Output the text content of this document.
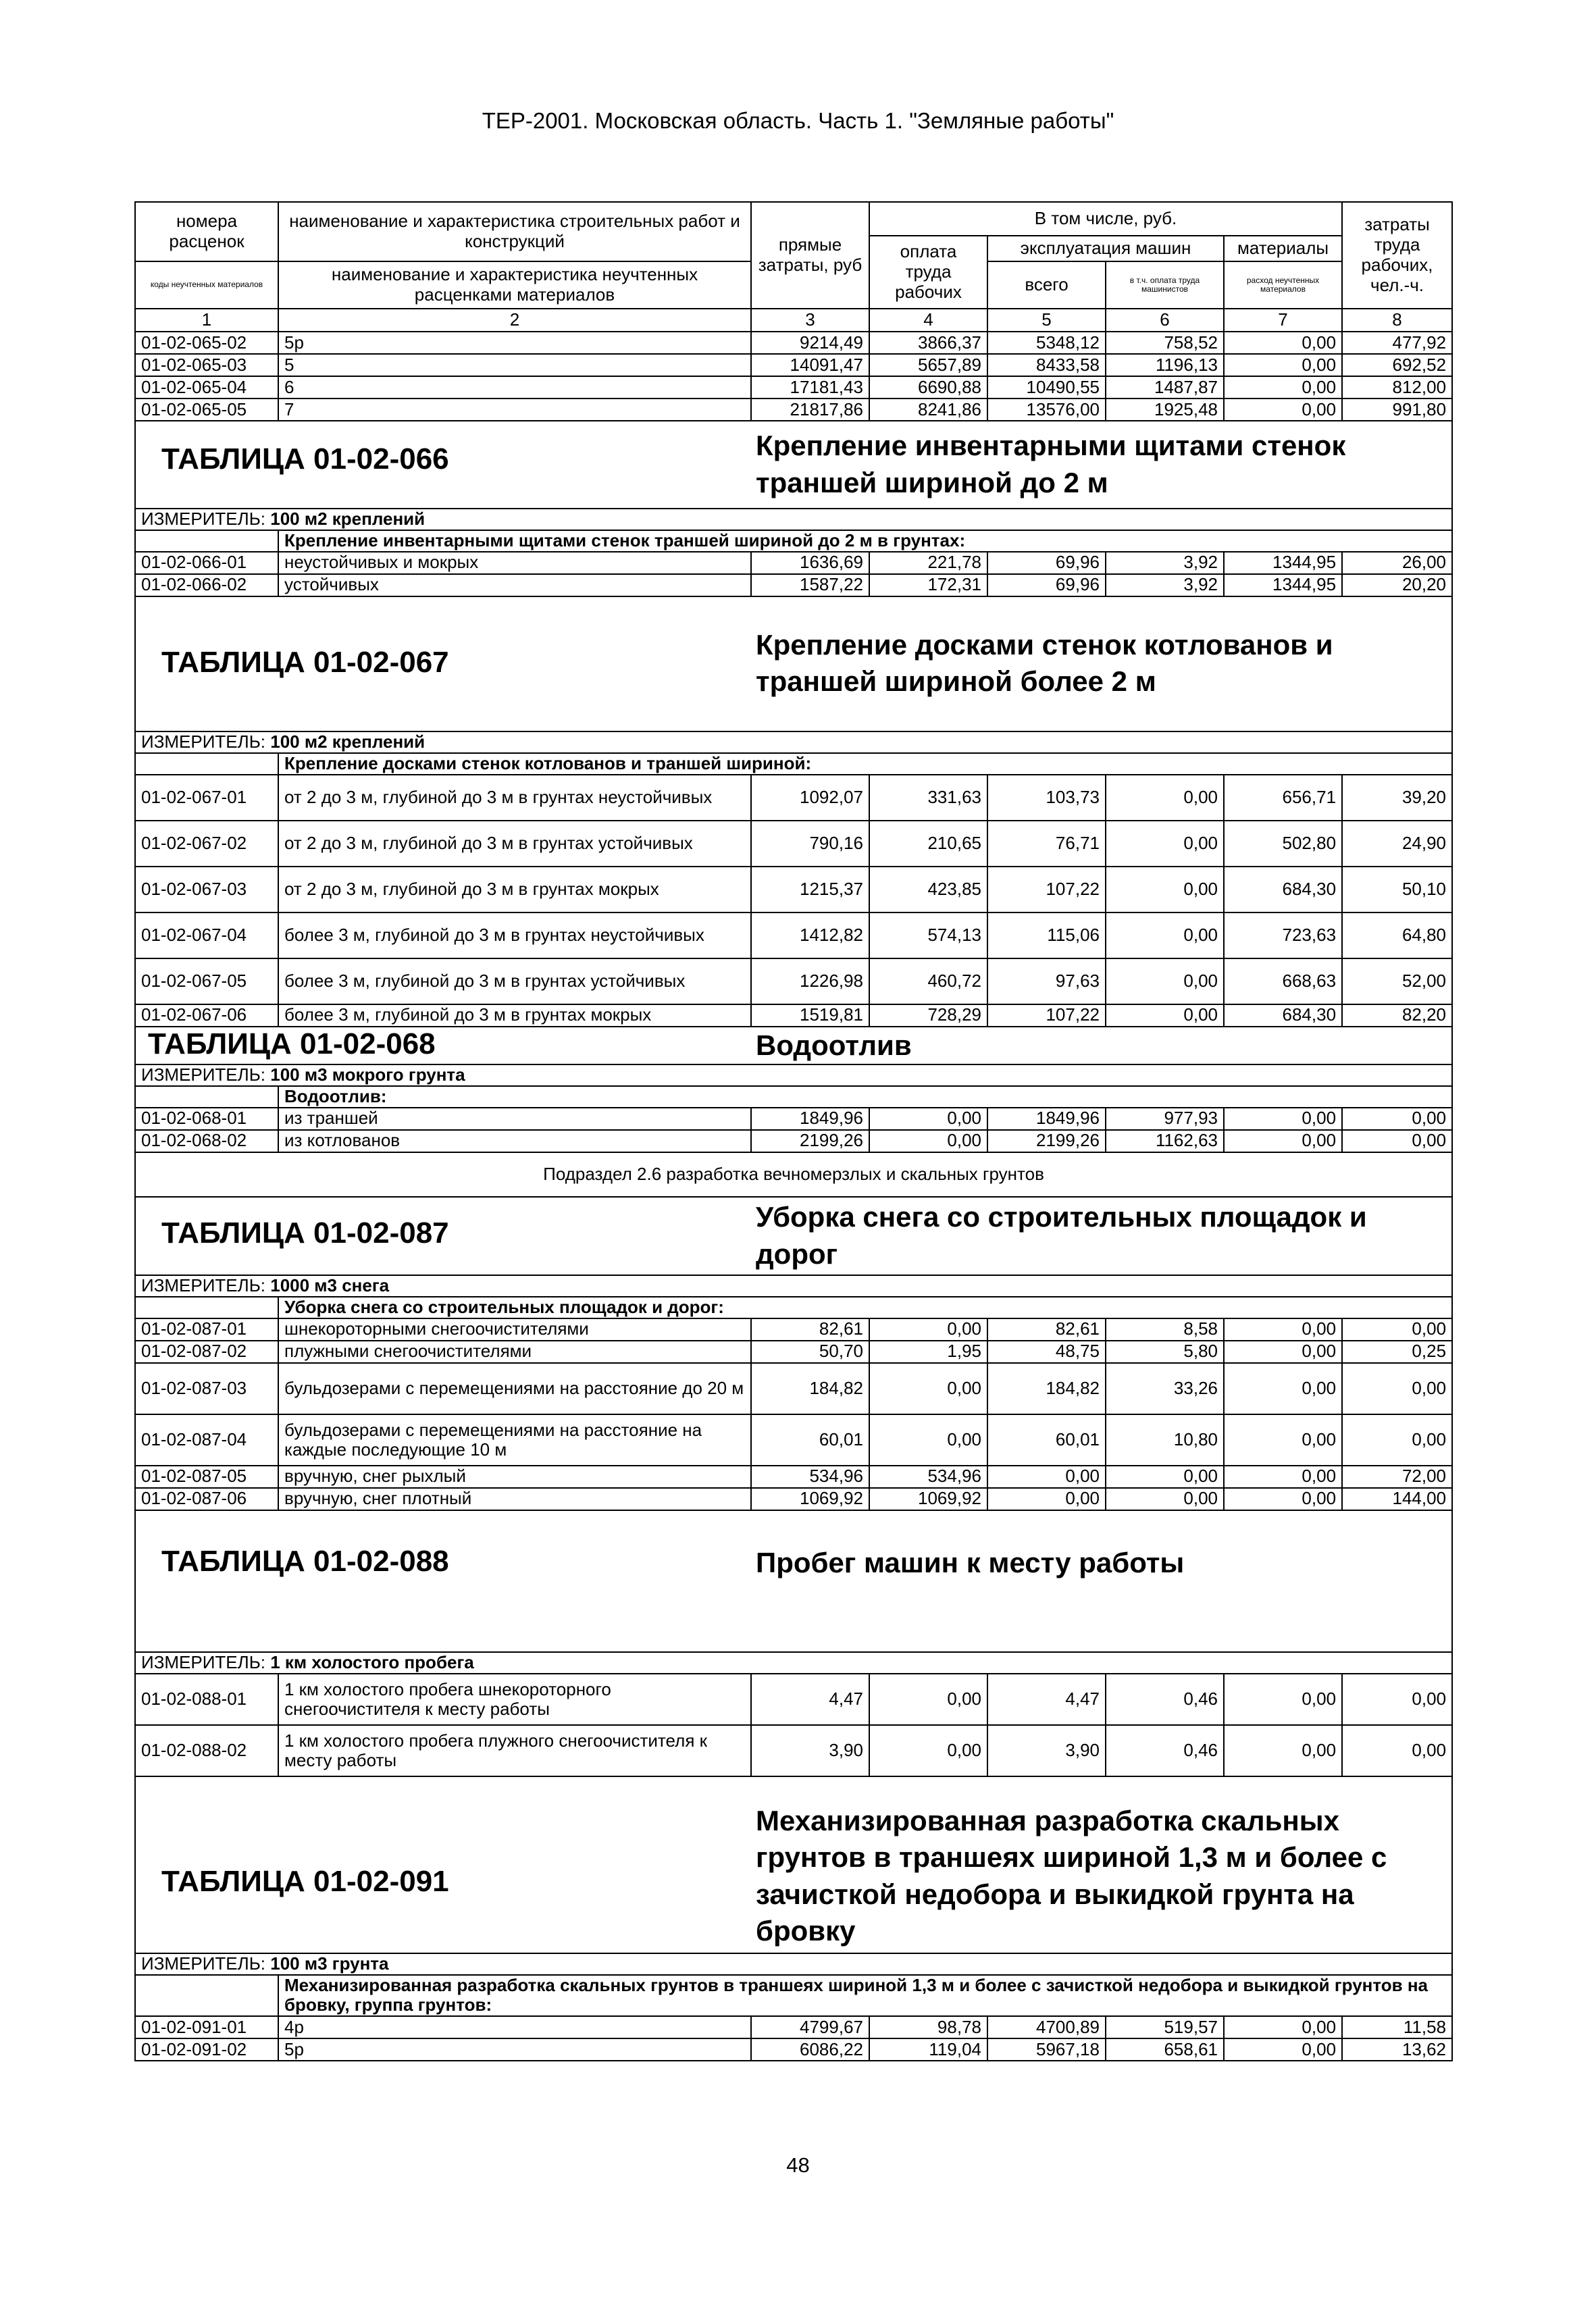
ТЕР-2001. Московская область. Часть 1. "Земляные работы"
номера расценок	наименование и характеристика строительных работ и конструкций	прямые затраты, руб	В том числе, руб.				затраты труда рабочих, чел.-ч.
			оплата труда рабочих	эксплуатация машин		материалы	
коды неучтенных материалов	наименование и характеристика неучтенных расценками материалов			всего	в т.ч. оплата труда машинистов	расход неучтенных материалов	
1	2	3	4	5	6	7	8
01-02-065-02	5р	9214,49	3866,37	5348,12	758,52	0,00	477,92
01-02-065-03	5	14091,47	5657,89	8433,58	1196,13	0,00	692,52
01-02-065-04	6	17181,43	6690,88	10490,55	1487,87	0,00	812,00
01-02-065-05	7	21817,86	8241,86	13576,00	1925,48	0,00	991,80

ТАБЛИЦА 01-02-066 Крепление инвентарными щитами стенок траншей шириной до 2 м							

ИЗМЕРИТЕЛЬ: 100 м2 креплений							
	Крепление инвентарными щитами стенок траншей шириной до 2 м в грунтах:						
01-02-066-01	неустойчивых и мокрых	1636,69	221,78	69,96	3,92	1344,95	26,00
01-02-066-02	устойчивых	1587,22	172,31	69,96	3,92	1344,95	20,20

ТАБЛИЦА 01-02-067
Крепление досками стенок котлованов и траншей шириной более 2 м							

ИЗМЕРИТЕЛЬ: 100 м2 креплений							
	Крепление досками стенок котлованов и траншей шириной:						
01-02-067-01	от 2 до 3 м, глубиной до 3 м в грунтах неустойчивых	1092,07	331,63	103,73	0,00	656,71	39,20
01-02-067-02	от 2 до 3 м, глубиной до 3 м в грунтах устойчивых	790,16	210,65	76,71	0,00	502,80	24,90
01-02-067-03	от 2 до 3 м, глубиной до 3 м в грунтах мокрых	1215,37	423,85	107,22	0,00	684,30	50,10
01-02-067-04	более 3 м, глубиной до 3 м в грунтах неустойчивых	1412,82	574,13	115,06	0,00	723,63	64,80
01-02-067-05	более 3 м, глубиной до 3 м в грунтах устойчивых	1226,98	460,72	97,63	0,00	668,63	52,00
01-02-067-06	более 3 м, глубиной до 3 м в грунтах мокрых	1519,81	728,29	107,22	0,00	684,30	82,20

ТАБЛИЦА 01-02-068 Водоотлив							

ИЗМЕРИТЕЛЬ: 100 м3 мокрого грунта							
	Водоотлив:						
01-02-068-01	из траншей	1849,96	0,00	1849,96	977,93	0,00	0,00
01-02-068-02	из котлованов	2199,26	0,00	2199,26	1162,63	0,00	0,00
Подраздел 2.6 разработка вечномерзлых и скальных грунтов							

ТАБЛИЦА 01-02-087 Уборка снега со строительных площадок и дорог							

ИЗМЕРИТЕЛЬ: 1000 м3 снега							
	Уборка снега со строительных площадок и дорог:						
01-02-087-01	шнекороторными снегоочистителями	82,61	0,00	82,61	8,58	0,00	0,00
01-02-087-02	плужными снегоочистителями	50,70	1,95	48,75	5,80	0,00	0,25
01-02-087-03	бульдозерами с перемещениями на расстояние до 20 м	184,82	0,00	184,82	33,26	0,00	0,00
01-02-087-04	бульдозерами с перемещениями на расстояние на каждые последующие 10 м	60,01	0,00	60,01	10,80	0,00	0,00
01-02-087-05	вручную, снег рыхлый	534,96	534,96	0,00	0,00	0,00	72,00
01-02-087-06	вручную, снег плотный	1069,92	1069,92	0,00	0,00	0,00	144,00

ТАБЛИЦА 01-02-088 Пробег машин к месту работы							

ИЗМЕРИТЕЛЬ: 1 км холостого пробега							
01-02-088-01	1 км холостого пробега шнекороторного снегоочистителя к месту работы	4,47	0,00	4,47	0,46	0,00	0,00
01-02-088-02	1 км холостого пробега плужного снегоочистителя к месту работы	3,90	0,00	3,90	0,46	0,00	0,00

ТАБЛИЦА 01-02-091
Механизированная разработка скальных грунтов в траншеях шириной 1,3 м и более с зачисткой недобора и выкидкой грунта на бровку							

ИЗМЕРИТЕЛЬ: 100 м3 грунта							
	Механизированная разработка скальных грунтов в траншеях шириной 1,3 м и более с зачисткой недобора и выкидкой грунтов на бровку, группа грунтов:						
01-02-091-01	4р	4799,67	98,78	4700,89	519,57	0,00	11,58
01-02-091-02	5р	6086,22	119,04	5967,18	658,61	0,00	13,62
48
